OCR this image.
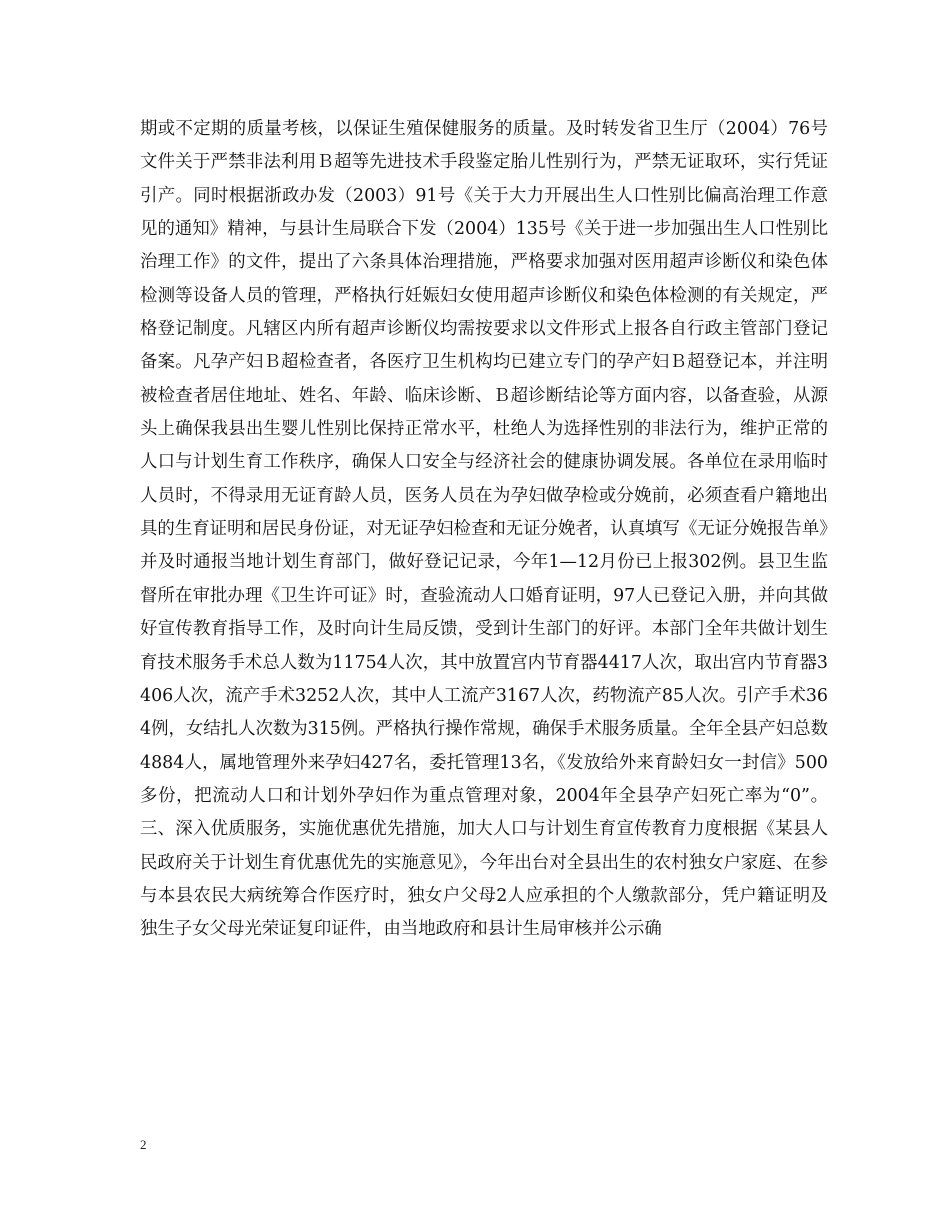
期或不定期的质量考核，以保证生殖保健服务的质量。及时转发省卫生厅（2004）76号文件关于严禁非法利用Ｂ超等先进技术手段鉴定胎儿性别行为，严禁无证取环，实行凭证引产。同时根据浙政办发（2003）91号《关于大力开展出生人口性别比偏高治理工作意见的通知》精神，与县计生局联合下发（2004）135号《关于进一步加强出生人口性别比治理工作》的文件，提出了六条具体治理措施，严格要求加强对医用超声诊断仪和染色体检测等设备人员的管理，严格执行妊娠妇女使用超声诊断仪和染色体检测的有关规定，严格登记制度。凡辖区内所有超声诊断仪均需按要求以文件形式上报各自行政主管部门登记备案。凡孕产妇Ｂ超检查者，各医疗卫生机构均已建立专门的孕产妇Ｂ超登记本，并注明被检查者居住地址、姓名、年龄、临床诊断、Ｂ超诊断结论等方面内容，以备查验，从源头上确保我县出生婴儿性别比保持正常水平，杜绝人为选择性别的非法行为，维护正常的人口与计划生育工作秩序，确保人口安全与经济社会的健康协调发展。各单位在录用临时人员时，不得录用无证育龄人员，医务人员在为孕妇做孕检或分娩前，必须查看户籍地出具的生育证明和居民身份证，对无证孕妇检查和无证分娩者，认真填写《无证分娩报告单》并及时通报当地计划生育部门，做好登记记录，今年1—12月份已上报302例。县卫生监督所在审批办理《卫生许可证》时，查验流动人口婚育证明，97人已登记入册，并向其做好宣传教育指导工作，及时向计生局反馈，受到计生部门的好评。本部门全年共做计划生育技术服务手术总人数为11754人次，其中放置宫内节育器4417人次，取出宫内节育器3406人次，流产手术3252人次，其中人工流产3167人次，药物流产85人次。引产手术364例，女结扎人次数为315例。严格执行操作常规，确保手术服务质量。全年全县产妇总数4884人，属地管理外来孕妇427名，委托管理13名，《发放给外来育龄妇女一封信》500多份，把流动人口和计划外孕妇作为重点管理对象，2004年全县孕产妇死亡率为“0”。三、深入优质服务，实施优惠优先措施，加大人口与计划生育宣传教育力度根据《某县人民政府关于计划生育优惠优先的实施意见》，今年出台对全县出生的农村独女户家庭、在参与本县农民大病统筹合作医疗时，独女户父母2人应承担的个人缴款部分，凭户籍证明及独生子女父母光荣证复印证件，由当地政府和县计生局审核并公示确

2
